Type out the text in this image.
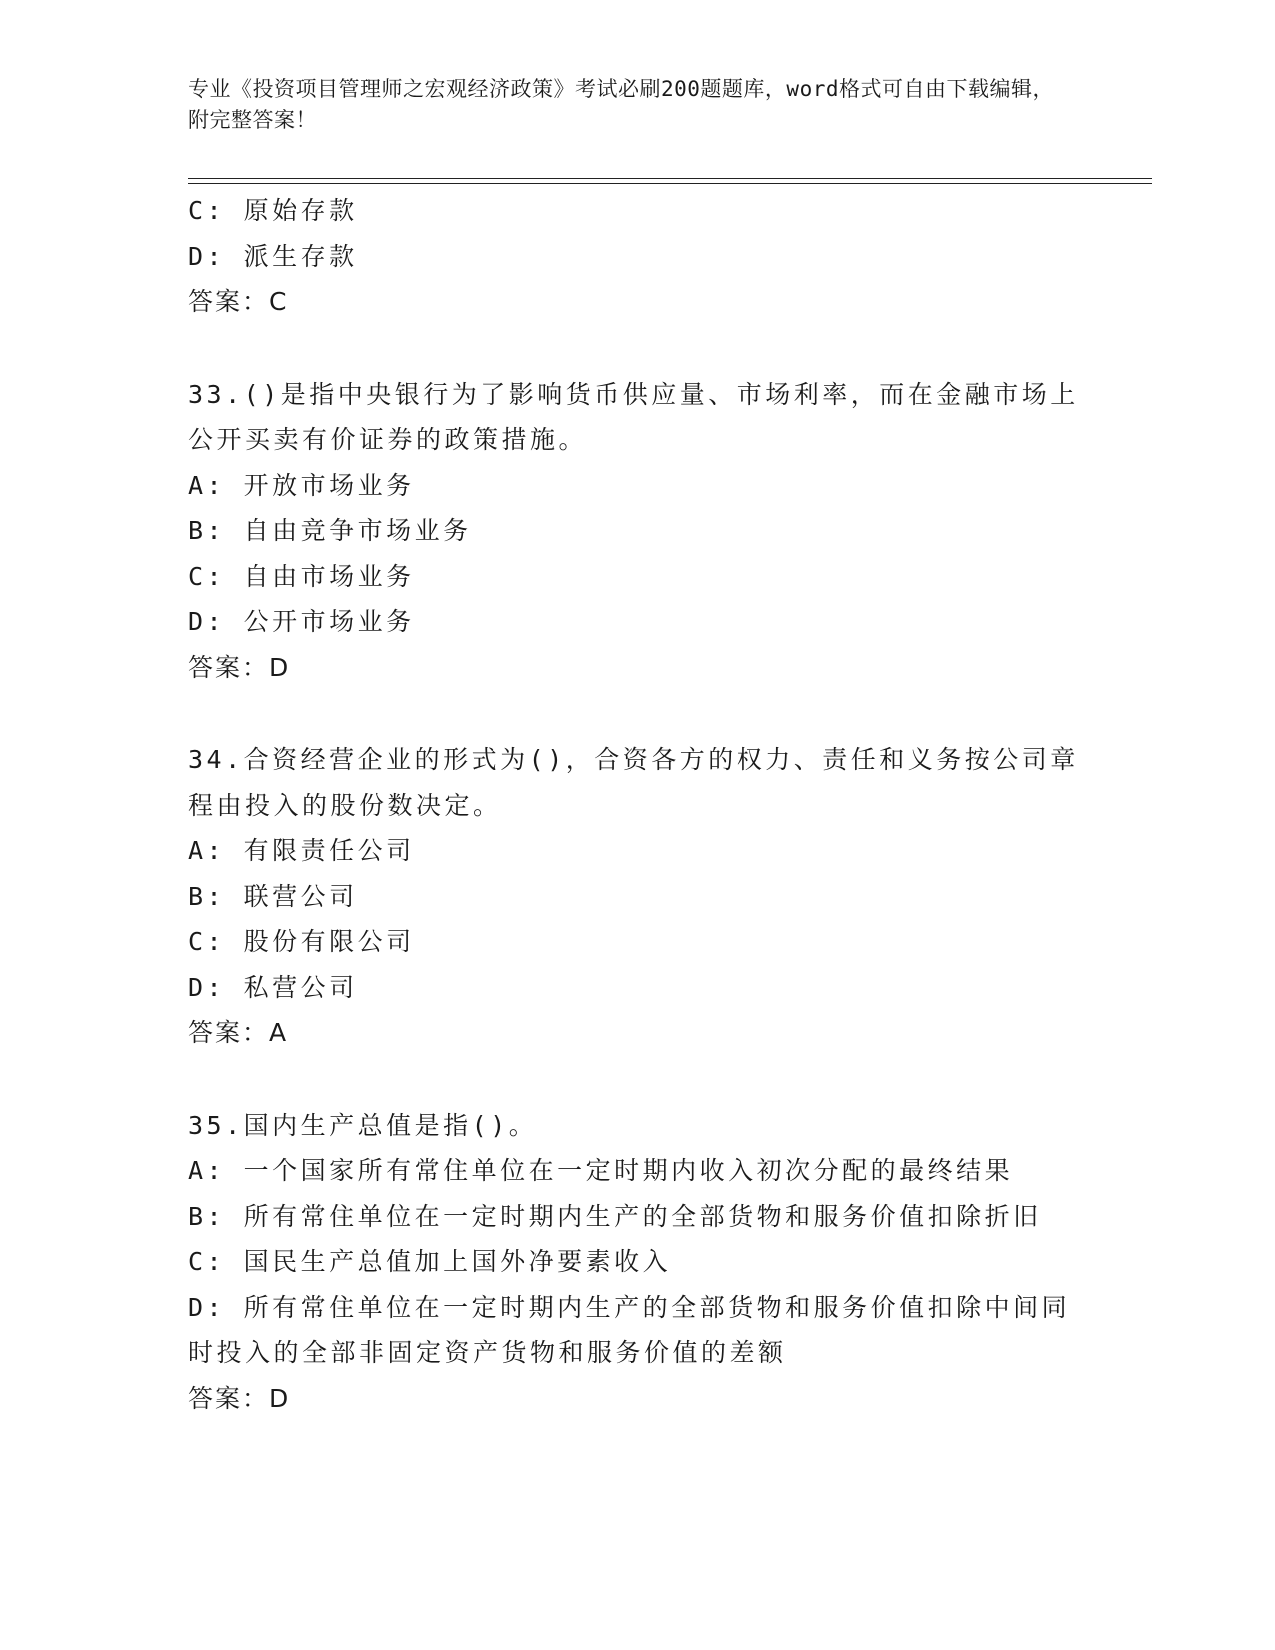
专业《投资项目管理师之宏观经济政策》考试必刷200题题库，word格式可自由下载编辑，附完整答案！
C: 原始存款
D: 派生存款
答案：C
33.()是指中央银行为了影响货币供应量、市场利率，而在金融市场上公开买卖有价证券的政策措施。
A: 开放市场业务
B: 自由竞争市场业务
C: 自由市场业务
D: 公开市场业务
答案：D
34.合资经营企业的形式为()，合资各方的权力、责任和义务按公司章程由投入的股份数决定。
A: 有限责任公司
B: 联营公司
C: 股份有限公司
D: 私营公司
答案：A
35.国内生产总值是指()。
A: 一个国家所有常住单位在一定时期内收入初次分配的最终结果
B: 所有常住单位在一定时期内生产的全部货物和服务价值扣除折旧
C: 国民生产总值加上国外净要素收入
D: 所有常住单位在一定时期内生产的全部货物和服务价值扣除中间同时投入的全部非固定资产货物和服务价值的差额
答案：D
